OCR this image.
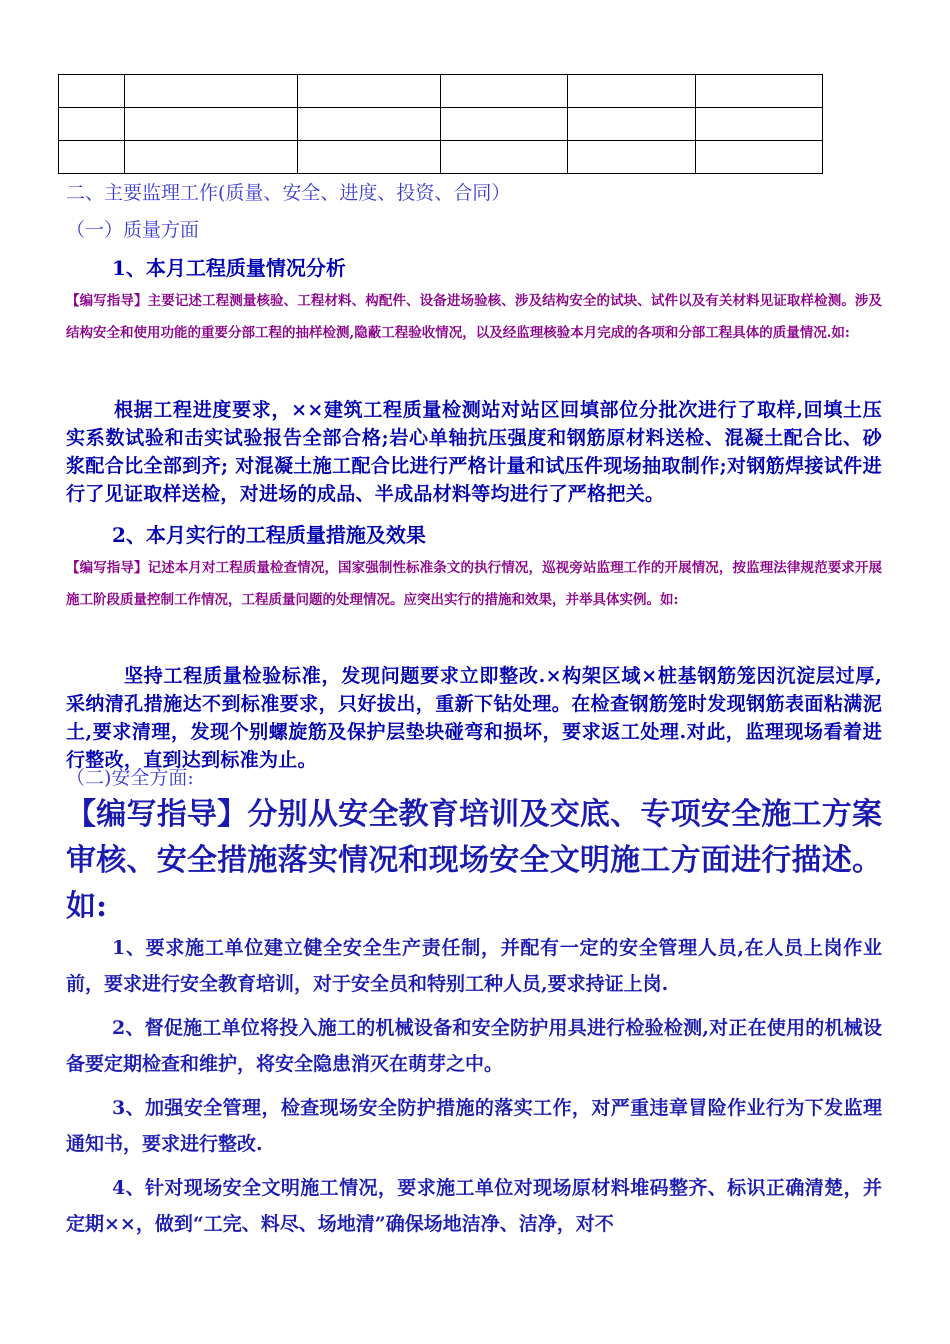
二、主要监理工作(质量、安全、进度、投资、合同）
（一）质量方面
1、本月工程质量情况分析

【编写指导】主要记述工程测量核验、工程材料、构配件、设备进场验核、涉及结构安全的试块、试件以及有关材料见证取样检测。涉及结构安全和使用功能的重要分部工程的抽样检测,隐蔽工程验收情况，以及经监理核验本月完成的各项和分部工程具体的质量情况.如:

根据工程进度要求，××建筑工程质量检测站对站区回填部位分批次进行了取样,回填土压实系数试验和击实试验报告全部合格;岩心单轴抗压强度和钢筋原材料送检、混凝土配合比、砂浆配合比全部到齐; 对混凝土施工配合比进行严格计量和试压件现场抽取制作;对钢筋焊接试件进行了见证取样送检，对进场的成品、半成品材料等均进行了严格把关。

2、本月实行的工程质量措施及效果

【编写指导】记述本月对工程质量检查情况，国家强制性标准条文的执行情况，巡视旁站监理工作的开展情况，按监理法律规范要求开展施工阶段质量控制工作情况，工程质量问题的处理情况。应突出实行的措施和效果，并举具体实例。如:

坚持工程质量检验标准，发现问题要求立即整改.×构架区域×桩基钢筋笼因沉淀层过厚,采纳清孔措施达不到标准要求，只好拔出，重新下钻处理。在检查钢筋笼时发现钢筋表面粘满泥土,要求清理，发现个别螺旋筋及保护层垫块碰弯和损坏，要求返工处理.对此，监理现场看着进行整改，直到达到标准为止。

（二)安全方面:

【编写指导】分别从安全教育培训及交底、专项安全施工方案审核、安全措施落实情况和现场安全文明施工方面进行描述。如:

1、要求施工单位建立健全安全生产责任制，并配有一定的安全管理人员,在人员上岗作业前，要求进行安全教育培训，对于安全员和特别工种人员,要求持证上岗.

2、督促施工单位将投入施工的机械设备和安全防护用具进行检验检测,对正在使用的机械设备要定期检查和维护，将安全隐患消灭在萌芽之中。

3、加强安全管理，检查现场安全防护措施的落实工作，对严重违章冒险作业行为下发监理通知书，要求进行整改.

4、针对现场安全文明施工情况，要求施工单位对现场原材料堆码整齐、标识正确清楚，并定期××，做到“工完、料尽、场地清”确保场地洁净、洁净，对不
